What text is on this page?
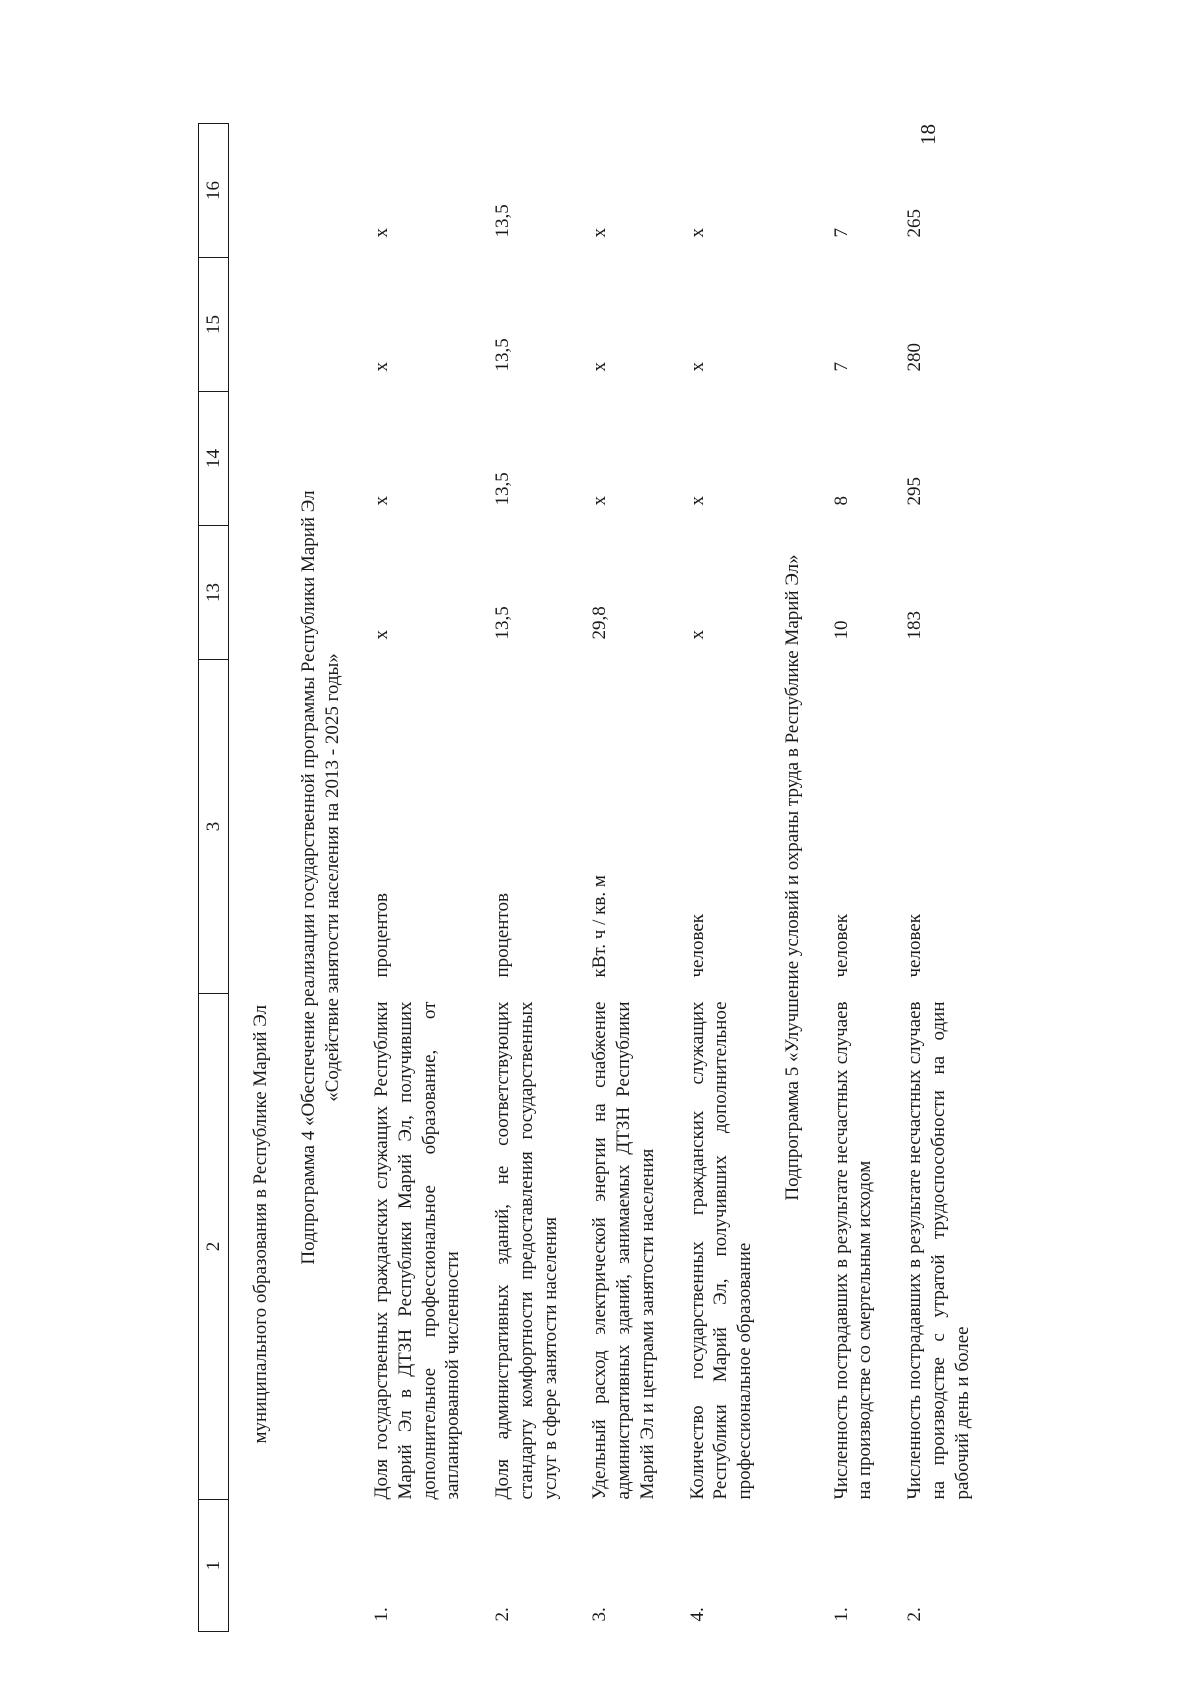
18
1	2	3	13	14	15	16
	муниципального образования в Республике Марий Эл					

Подпрограмма 4 «Обеспечение реализации государственной программы Республики Марий Эл «Содействие занятости населения на 2013 - 2025 годы»						

1.	Доля государственных гражданских служащих Республики Марий Эл в ДТЗН Республики Марий Эл, получивших дополнительное профессиональное образование, от запланированной численности	процентов	x	x	x	x
2.	Доля административных зданий, не соответствующих стандарту комфортности предоставления государственных услуг в сфере занятости населения	процентов	13,5	13,5	13,5	13,5
3.	Удельный расход электрической энергии на снабжение административных зданий, занимаемых ДТЗН Республики Марий Эл и центрами занятости населения	кВт. ч / кв. м	29,8	x	x	x
4.	Количество государственных гражданских служащих Республики Марий Эл, получивших дополнительное профессиональное образование	человек	x	x	x	x

Подпрограмма 5 «Улучшение условий и охраны труда в Республике Марий Эл»						

1.	Численность пострадавших в результате несчастных случаев на производстве со смертельным исходом	человек	10	8	7	7
2.	Численность пострадавших в результате несчастных случаев на производстве с утратой трудоспособности на один рабочий день и более	человек	183	295	280	265
